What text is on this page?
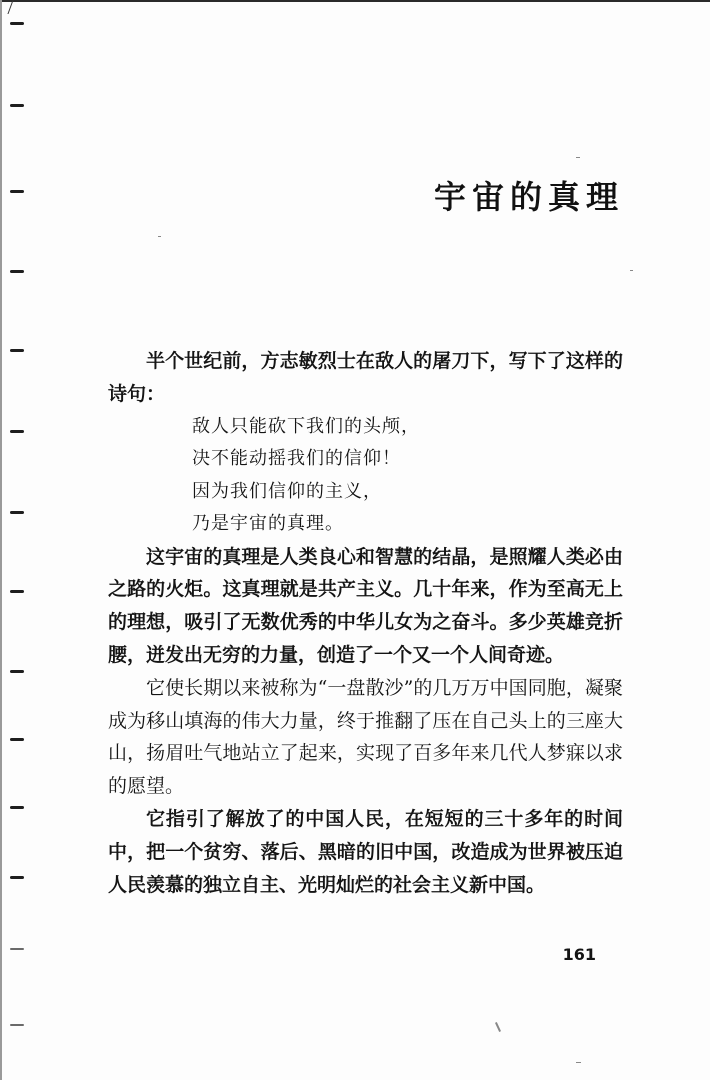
宇宙的真理

半个世纪前，方志敏烈士在敌人的屠刀下，写下了这样的诗句：

敌人只能砍下我们的头颅，
决不能动摇我们的信仰！
因为我们信仰的主义，
乃是宇宙的真理。

这宇宙的真理是人类良心和智慧的结晶，是照耀人类必由之路的火炬。这真理就是共产主义。几十年来，作为至高无上的理想，吸引了无数优秀的中华儿女为之奋斗。多少英雄竞折腰，迸发出无穷的力量，创造了一个又一个人间奇迹。

它使长期以来被称为“一盘散沙”的几万万中国同胞，凝聚成为移山填海的伟大力量，终于推翻了压在自己头上的三座大山，扬眉吐气地站立了起来，实现了百多年来几代人梦寐以求的愿望。

它指引了解放了的中国人民，在短短的三十多年的时间中，把一个贫穷、落后、黑暗的旧中国，改造成为世界被压迫人民羡慕的独立自主、光明灿烂的社会主义新中国。

161
